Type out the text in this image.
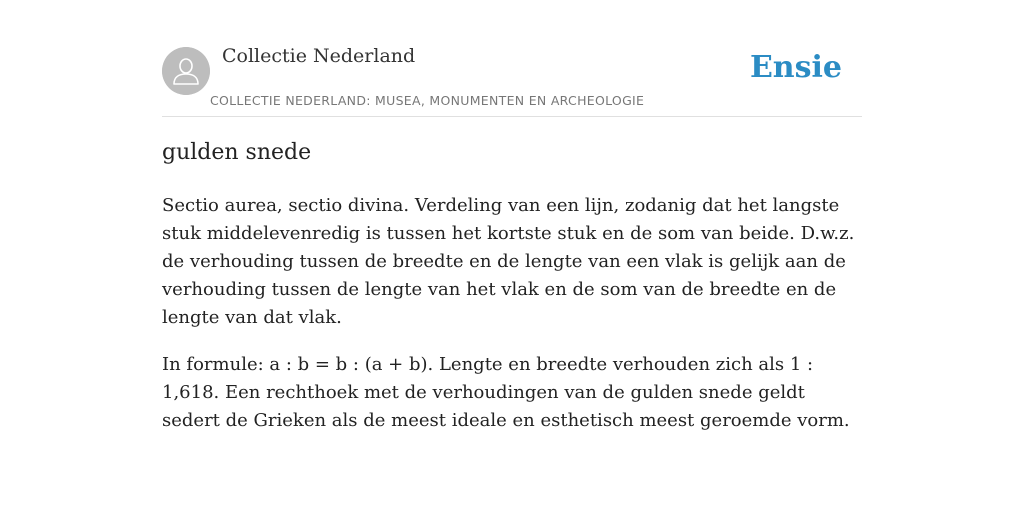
Collectie Nederland
COLLECTIE NEDERLAND: MUSEA, MONUMENTEN EN ARCHEOLOGIE
Ensie
gulden snede

Sectio aurea, sectio divina. Verdeling van een lijn, zodanig dat het langste stuk middelevenredig is tussen het kortste stuk en de som van beide. D.w.z. de verhouding tussen de breedte en de lengte van een vlak is gelijk aan de verhouding tussen de lengte van het vlak en de som van de breedte en de lengte van dat vlak.

In formule: a : b = b : (a + b). Lengte en breedte verhouden zich als 1 : 1,618. Een rechthoek met de verhoudingen van de gulden snede geldt sedert de Grieken als de meest ideale en esthetisch meest geroemde vorm.
